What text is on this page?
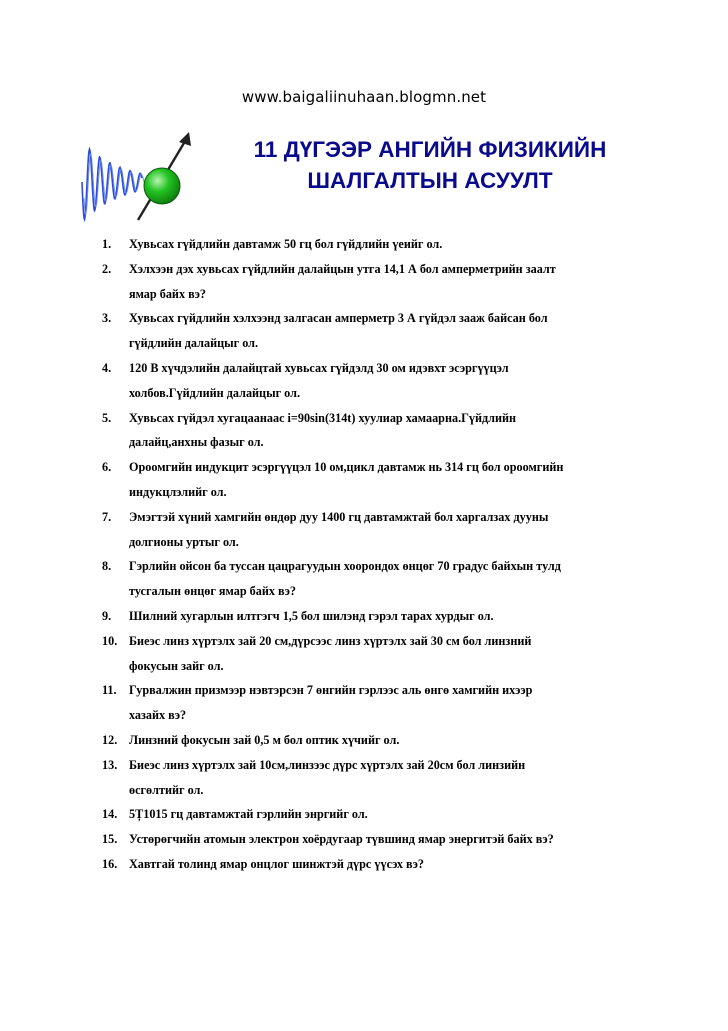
www.baigaliinuhaan.blogmn.net
11 ДҮГЭЭР АНГИЙН ФИЗИКИЙН
ШАЛГАЛТЫН АСУУЛТ
1. Хувьсах гүйдлийн давтамж 50 гц бол гүйдлийн үеийг ол.
2. Хэлхээн дэх хувьсах гүйдлийн далайцын утга 14,1 А бол амперметрийн заалт
ямар байх вэ?
3. Хувьсах гүйдлийн хэлхээнд залгасан амперметр 3 А гүйдэл зааж байсан бол
гүйдлийн далайцыг ол.
4. 120 В хүчдэлийн далайцтай хувьсах гүйдэлд 30 ом идэвхт эсэргүүцэл
холбов.Гүйдлийн далайцыг ол.
5. Хувьсах гүйдэл хугацаанаас i=90sin(314t) хуулиар хамаарна.Гүйдлийн
далайц,анхны фазыг ол.
6. Ороомгийн индукцит эсэргүүцэл 10 ом,цикл давтамж нь 314 гц бол ороомгийн
индукцлэлийг ол.
7. Эмэгтэй хүний хамгийн өндөр дуу 1400 гц давтамжтай бол харгалзах дууны
долгионы уртыг ол.
8. Гэрлийн ойсон ба туссан цацрагуудын хоорондох өнцөг 70 градус байхын тулд
тусгалын өнцөг ямар байх вэ?
9. Шилний хугарлын илтгэгч 1,5 бол шилэнд гэрэл тарах хурдыг ол.
10. Биеэс линз хүртэлх зай 20 см,дүрсээс линз хүртэлх зай 30 см бол линзний
фокусын зайг ол.
11. Гурвалжин призмээр нэвтэрсэн 7 өнгийн гэрлээс аль өнгө хамгийн ихээр
хазайх вэ?
12. Линзний фокусын зай 0,5 м бол оптик хүчийг ол.
13. Биеэс линз хүртэлх зай 10см,линзээс дүрс хүртэлх зай 20см бол линзийн
өсгөлтийг ол.
14. 5Ț1015 гц давтамжтай гэрлийн энргийг ол.
15. Устөрөгчийн атомын электрон хоёрдугаар түвшинд ямар энергитэй байх вэ?
16. Хавтгай толинд ямар онцлог шинжтэй дүрс үүсэх вэ?
